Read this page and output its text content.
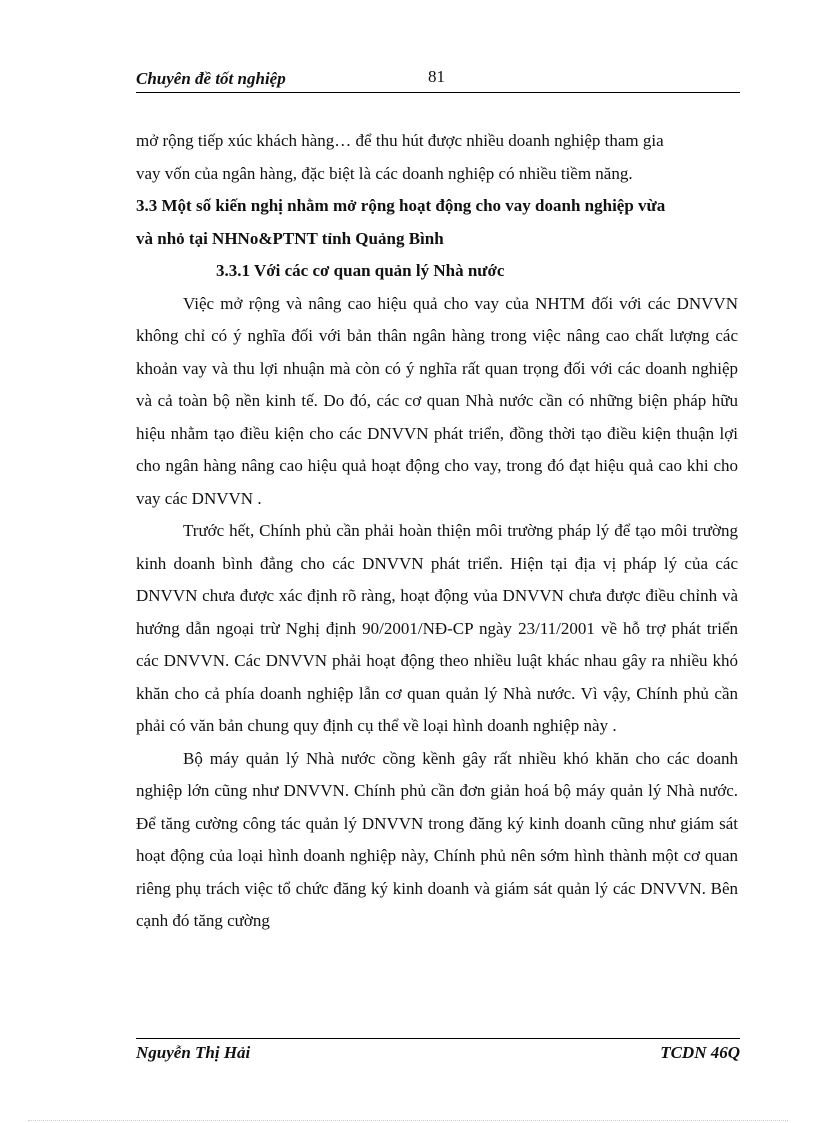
Chuyên đề tốt nghiệp	81

mở rộng tiếp xúc khách hàng… để thu hút được nhiều doanh nghiệp tham gia

vay vốn của ngân hàng, đặc biệt là các doanh nghiệp có nhiều tiềm năng.

3.3 Một số kiến nghị nhằm mở rộng hoạt động cho vay doanh nghiệp vừa

và nhỏ tại NHNo&PTNT tỉnh Quảng Bình

3.3.1 Với các cơ quan quản lý Nhà nước

Việc mở rộng và nâng cao hiệu quả cho vay của NHTM đối với các DNVVN không chỉ có ý nghĩa đối với bản thân ngân hàng trong việc nâng cao chất lượng các khoản vay và thu lợi nhuận mà còn có ý nghĩa rất quan trọng đối với các doanh nghiệp và cả toàn bộ nền kinh tế. Do đó, các cơ quan Nhà nước cần có những biện pháp hữu hiệu nhằm tạo điều kiện cho các DNVVN phát triển, đồng thời tạo điều kiện thuận lợi cho ngân hàng nâng cao hiệu quả hoạt động cho vay, trong đó đạt hiệu quả cao khi cho vay các DNVVN .

Trước hết, Chính phủ cần phải hoàn thiện môi trường pháp lý để tạo môi trường kinh doanh bình đẳng cho các DNVVN phát triển. Hiện tại địa vị pháp lý của các DNVVN chưa được xác định rõ ràng, hoạt động vủa DNVVN chưa được điều chỉnh và hướng dẫn ngoại trừ Nghị định 90/2001/NĐ-CP ngày 23/11/2001 về hỗ trợ phát triển các DNVVN. Các DNVVN phải hoạt động theo nhiều luật khác nhau gây ra nhiều khó khăn cho cả phía doanh nghiệp lẫn cơ quan quản lý Nhà nước. Vì vậy, Chính phủ cần phải có văn bản chung quy định cụ thể về loại hình doanh nghiệp này .

Bộ máy quản lý Nhà nước cồng kềnh gây rất nhiều khó khăn cho các doanh nghiệp lớn cũng như DNVVN. Chính phủ cần đơn giản hoá bộ máy quản lý Nhà nước. Để tăng cường công tác quản lý DNVVN trong đăng ký kinh doanh cũng như giám sát hoạt động của loại hình doanh nghiệp này, Chính phủ nên sớm hình thành một cơ quan riêng phụ trách việc tổ chức đăng ký kinh doanh và giám sát quản lý các DNVVN. Bên cạnh đó tăng cường

Nguyễn Thị Hải	TCDN 46Q
